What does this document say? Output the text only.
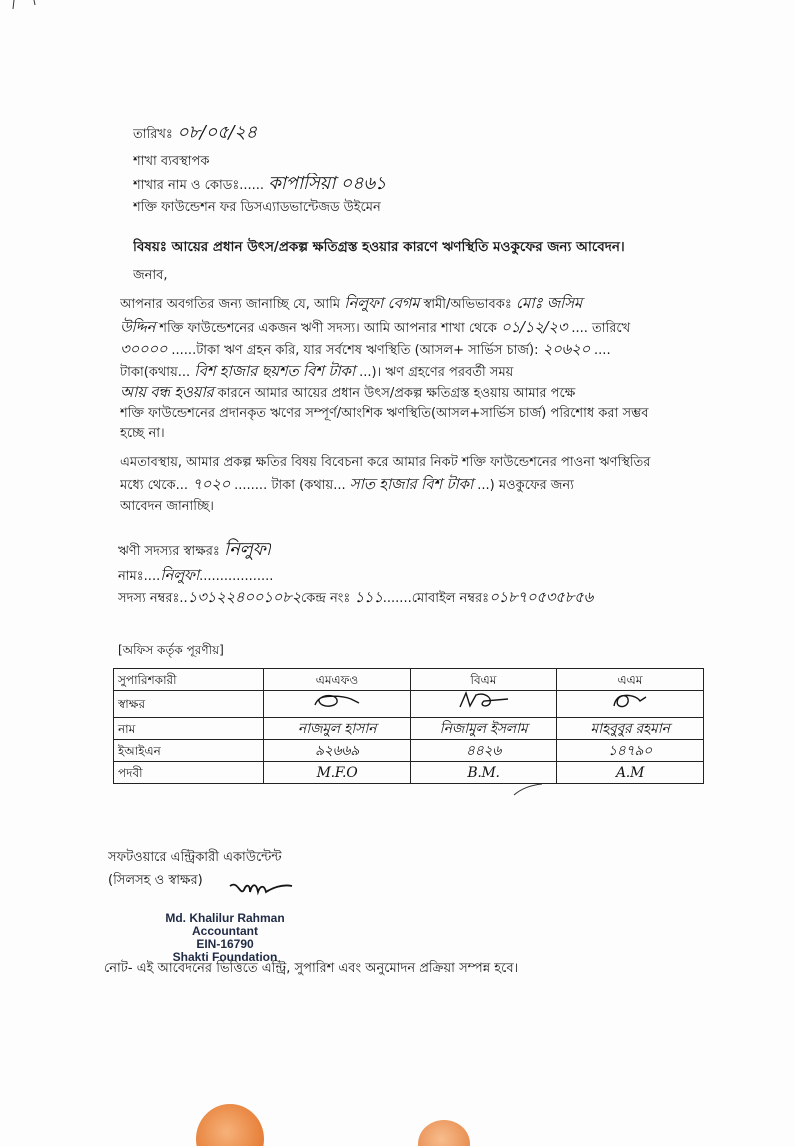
তারিখঃ ০৮/০৫/২৪
শাখা ব্যবস্থাপক
শাখার নাম ও কোডঃ...... কাপাসিয়া ০৪৬১
শক্তি ফাউন্ডেশন ফর ডিসএ্যাডভান্টেজড উইমেন
বিষয়ঃ আয়ের প্রধান উৎস/প্রকল্প ক্ষতিগ্রস্ত হওয়ার কারণে ঋণস্থিতি মওকুফের জন্য আবেদন।
জনাব,
আপনার অবগতির জন্য জানাচ্ছি যে, আমি নিলুফা বেগম স্বামী/অভিভাবকঃ মোঃ জসিম
উদ্দিন শক্তি ফাউন্ডেশনের একজন ঋণী সদস্য। আমি আপনার শাখা থেকে ০১/১২/২৩ .... তারিখে
৩০০০০ ......টাকা ঋণ গ্রহন করি, যার সর্বশেষ ঋণস্থিতি (আসল+ সার্ভিস চার্জ): ২০৬২০ ....
টাকা(কথায়... বিশ হাজার ছয়শত বিশ টাকা ...)। ঋণ গ্রহণের পরবর্তী সময়
আয় বন্ধ হওয়ার কারনে আমার আয়ের প্রধান উৎস/প্রকল্প ক্ষতিগ্রস্ত হওয়ায় আমার পক্ষে
শক্তি ফাউন্ডেশনের প্রদানকৃত ঋণের সম্পূর্ণ/আংশিক ঋণস্থিতি(আসল+সার্ভিস চার্জ) পরিশোধ করা সম্ভব
হচ্ছে না।
এমতাবস্থায়, আমার প্রকল্প ক্ষতির বিষয় বিবেচনা করে আমার নিকট শক্তি ফাউন্ডেশনের পাওনা ঋণস্থিতির
মধ্যে থেকে... ৭০২০ ........ টাকা (কথায়... সাত হাজার বিশ টাকা ...) মওকুফের জন্য
আবেদন জানাচ্ছি।
ঋণী সদস্যর স্বাক্ষরঃ নিলুফা
নামঃ....নিলুফা..................
সদস্য নম্বরঃ..১৩১২২৪০০১০৮২কেন্দ্র নংঃ ১১১.......মোবাইল নম্বরঃ০১৮৭০৫৩৫৮৫৬
[অফিস কর্তৃক পূরণীয়]
সুপারিশকারী	এমএফও	বিএম	এএম
স্বাক্ষর			
নাম	নাজমুল হাসান	নিজামুল ইসলাম	মাহবুবুর রহমান
ইআইএন	৯২৬৬৯	৪৪২৬	১৪৭৯০
পদবী	M.F.O	B.M.	A.M
সফটওয়ারে এন্ট্রিকারী একাউন্টেন্ট
(সিলসহ ও স্বাক্ষর)
Md. Khalilur Rahman
Accountant
EIN-16790
Shakti Foundation
নোট- এই আবেদনের ভিত্তিতে এন্ট্রি, সুপারিশ এবং অনুমোদন প্রক্রিয়া সম্পন্ন হবে।
